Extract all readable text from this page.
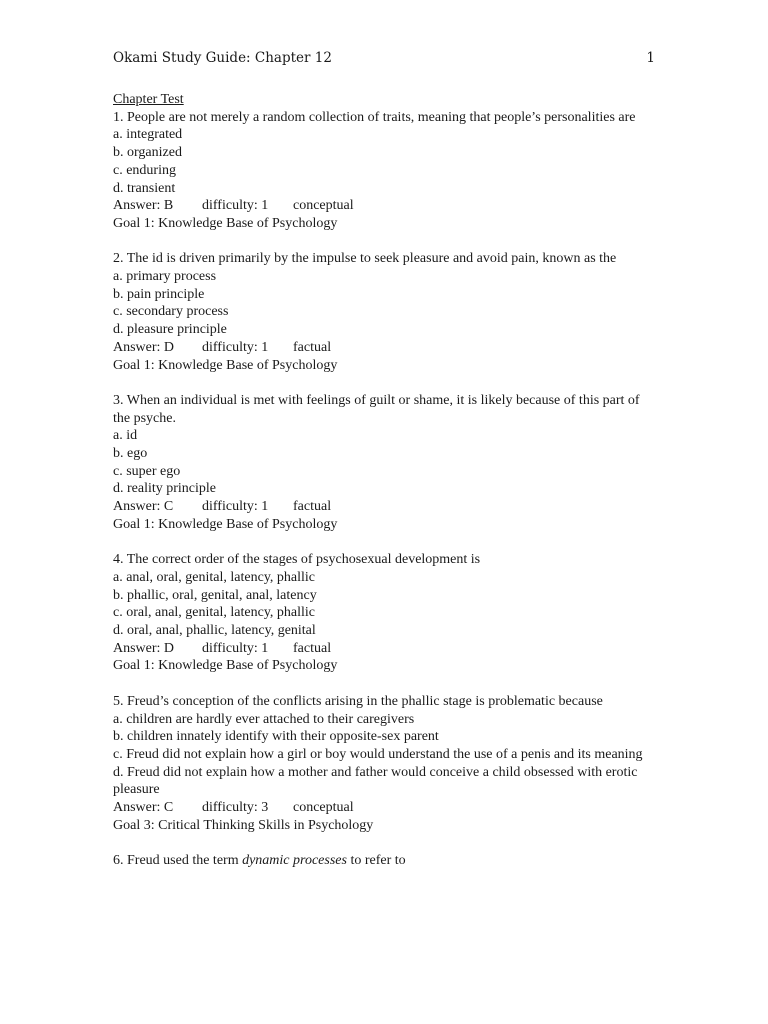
Okami Study Guide: Chapter 12	1
Chapter Test
1. People are not merely a random collection of traits, meaning that people’s personalities are
a. integrated
b. organized
c. enduring
d. transient
Answer: B difficulty: 1 conceptual
Goal 1: Knowledge Base of Psychology
2. The id is driven primarily by the impulse to seek pleasure and avoid pain, known as the
a. primary process
b. pain principle
c. secondary process
d. pleasure principle
Answer: D difficulty: 1 factual
Goal 1: Knowledge Base of Psychology
3. When an individual is met with feelings of guilt or shame, it is likely because of this part of the psyche.
a. id
b. ego
c. super ego
d. reality principle
Answer: C difficulty: 1 factual
Goal 1: Knowledge Base of Psychology
4. The correct order of the stages of psychosexual development is
a. anal, oral, genital, latency, phallic
b. phallic, oral, genital, anal, latency
c. oral, anal, genital, latency, phallic
d. oral, anal, phallic, latency, genital
Answer: D difficulty: 1 factual
Goal 1: Knowledge Base of Psychology
5. Freud’s conception of the conflicts arising in the phallic stage is problematic because
a. children are hardly ever attached to their caregivers
b. children innately identify with their opposite-sex parent
c. Freud did not explain how a girl or boy would understand the use of a penis and its meaning
d. Freud did not explain how a mother and father would conceive a child obsessed with erotic pleasure
Answer: C difficulty: 3 conceptual
Goal 3: Critical Thinking Skills in Psychology
6. Freud used the term dynamic processes to refer to
